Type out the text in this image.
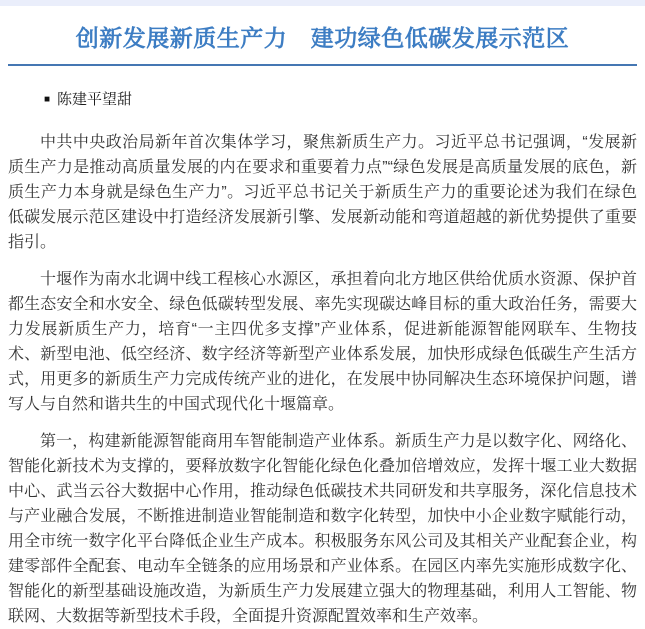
创新发展新质生产力　建功绿色低碳发展示范区
■ 陈建平望甜

中共中央政治局新年首次集体学习，聚焦新质生产力。习近平总书记强调，“发展新质生产力是推动高质量发展的内在要求和重要着力点”“绿色发展是高质量发展的底色，新质生产力本身就是绿色生产力”。习近平总书记关于新质生产力的重要论述为我们在绿色低碳发展示范区建设中打造经济发展新引擎、发展新动能和弯道超越的新优势提供了重要指引。

十堰作为南水北调中线工程核心水源区，承担着向北方地区供给优质水资源、保护首都生态安全和水安全、绿色低碳转型发展、率先实现碳达峰目标的重大政治任务，需要大力发展新质生产力，培育“一主四优多支撑”产业体系，促进新能源智能网联车、生物技术、新型电池、低空经济、数字经济等新型产业体系发展，加快形成绿色低碳生产生活方式，用更多的新质生产力完成传统产业的进化，在发展中协同解决生态环境保护问题，谱写人与自然和谐共生的中国式现代化十堰篇章。

第一，构建新能源智能商用车智能制造产业体系。新质生产力是以数字化、网络化、智能化新技术为支撑的，要释放数字化智能化绿色化叠加倍增效应，发挥十堰工业大数据中心、武当云谷大数据中心作用，推动绿色低碳技术共同研发和共享服务，深化信息技术与产业融合发展，不断推进制造业智能制造和数字化转型，加快中小企业数字赋能行动，用全市统一数字化平台降低企业生产成本。积极服务东风公司及其相关产业配套企业，构建零部件全配套、电动车全链条的应用场景和产业体系。在园区内率先实施形成数字化、智能化的新型基础设施改造，为新质生产力发展建立强大的物理基础，利用人工智能、物联网、大数据等新型技术手段，全面提升资源配置效率和生产效率。
